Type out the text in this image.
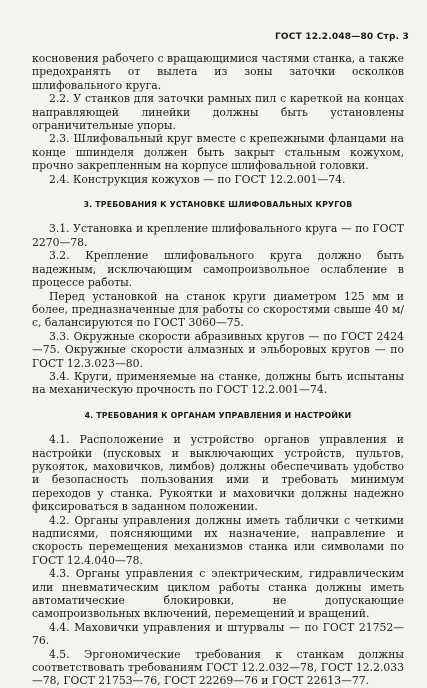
ГОСТ 12.2.048—80 Стр. 3

косновения рабочего с вращающимися частями станка, а также предохранять от вылета из зоны заточки осколков шлифовального круга.

2.2. У станков для заточки рамных пил с кареткой на концах направляющей линейки должны быть установлены ограничительные упоры.

2.3. Шлифовальный круг вместе с крепежными фланцами на конце шпинделя должен быть закрыт стальным кожухом, прочно закрепленным на корпусе шлифовальной головки.

2.4. Конструкция кожухов — по ГОСТ 12.2.001—74.

3. ТРЕБОВАНИЯ К УСТАНОВКЕ ШЛИФОВАЛЬНЫХ КРУГОВ

3.1. Установка и крепление шлифовального круга — по ГОСТ 2270—78.

3.2. Крепление шлифовального круга должно быть надежным, исключающим самопроизвольное ослабление в процессе работы.

Перед установкой на станок круги диаметром 125 мм и более, предназначенные для работы со скоростями свыше 40 м/с, балансируются по ГОСТ 3060—75.

3.3. Окружные скорости абразивных кругов — по ГОСТ 2424—75. Окружные скорости алмазных и эльборовых кругов — по ГОСТ 12.3.023—80.

3.4. Круги, применяемые на станке, должны быть испытаны на механическую прочность по ГОСТ 12.2.001—74.

4. ТРЕБОВАНИЯ К ОРГАНАМ УПРАВЛЕНИЯ И НАСТРОЙКИ

4.1. Расположение и устройство органов управления и настройки (пусковых и выключающих устройств, пультов, рукояток, маховичков, лимбов) должны обеспечивать удобство и безопасность пользования ими и требовать минимум переходов у станка. Рукоятки и маховички должны надежно фиксироваться в заданном положении.

4.2. Органы управления должны иметь таблички с четкими надписями, поясняющими их назначение, направление и скорость перемещения механизмов станка или символами по ГОСТ 12.4.040—78.

4.3. Органы управления с электрическим, гидравлическим или пневматическим циклом работы станка должны иметь автоматические блокировки, не допускающие самопроизвольных включений, перемещений и вращений.

4.4. Маховички управления и штурвалы — по ГОСТ 21752—76.

4.5. Эргономические требования к станкам должны соответствовать требованиям ГОСТ 12.2.032—78, ГОСТ 12.2.033—78, ГОСТ 21753—76, ГОСТ 22269—76 и ГОСТ 22613—77.
